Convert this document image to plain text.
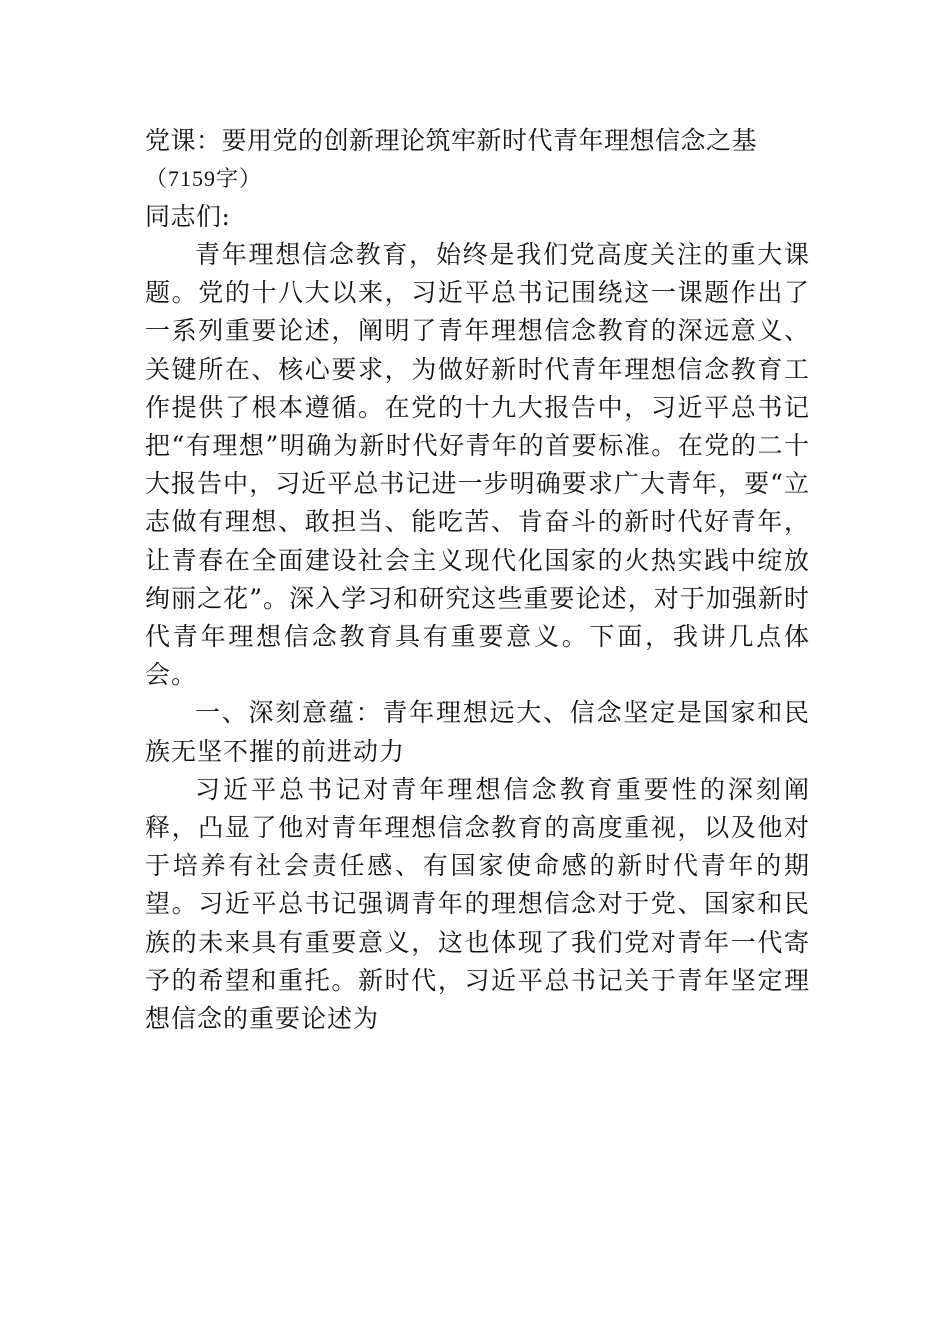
党课：要用党的创新理论筑牢新时代青年理想信念之基
（7159字）
同志们:

青年理想信念教育，始终是我们党高度关注的重大课题。党的十八大以来，习近平总书记围绕这一课题作出了一系列重要论述，阐明了青年理想信念教育的深远意义、关键所在、核心要求，为做好新时代青年理想信念教育工作提供了根本遵循。在党的十九大报告中，习近平总书记把“有理想”明确为新时代好青年的首要标准。在党的二十大报告中，习近平总书记进一步明确要求广大青年，要“立志做有理想、敢担当、能吃苦、肯奋斗的新时代好青年，让青春在全面建设社会主义现代化国家的火热实践中绽放绚丽之花”。深入学习和研究这些重要论述，对于加强新时代青年理想信念教育具有重要意义。下面，我讲几点体会。

一、深刻意蕴：青年理想远大、信念坚定是国家和民族无坚不摧的前进动力

习近平总书记对青年理想信念教育重要性的深刻阐释，凸显了他对青年理想信念教育的高度重视，以及他对于培养有社会责任感、有国家使命感的新时代青年的期望。习近平总书记强调青年的理想信念对于党、国家和民族的未来具有重要意义，这也体现了我们党对青年一代寄予的希望和重托。新时代，习近平总书记关于青年坚定理想信念的重要论述为
